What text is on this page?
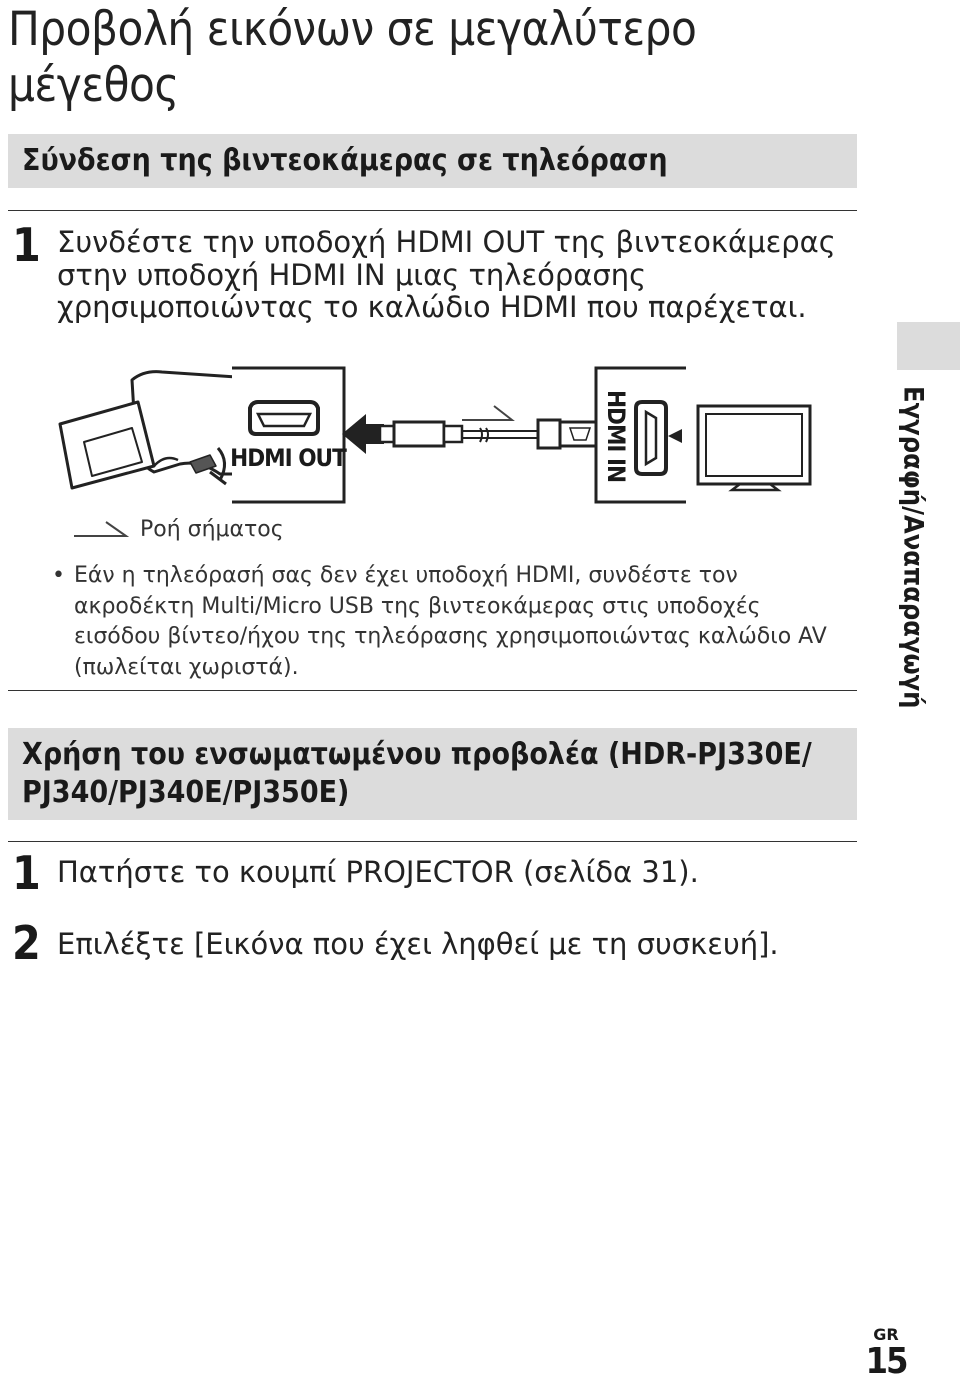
Προβολή εικόνων σε μεγαλύτερο μέγεθος
Σύνδεση της βιντεοκάμερας σε τηλεόραση
1 Συνδέστε την υποδοχή HDMI OUT της βιντεοκάμερας στην υποδοχή HDMI IN μιας τηλεόρασης χρησιμοποιώντας το καλώδιο HDMI που παρέχεται.

HDMI OUT	HDMI IN
Ροή σήματος

• Εάν η τηλεόρασή σας δεν έχει υποδοχή HDMI, συνδέστε τον ακροδέκτη Multi/Micro USB της βιντεοκάμερας στις υποδοχές εισόδου βίντεο/ήχου της τηλεόρασης χρησιμοποιώντας καλώδιο AV (πωλείται χωριστά).

Χρήση του ενσωματωμένου προβολέα (HDR-PJ330E/ PJ340/PJ340E/PJ350E)
1 Πατήστε το κουμπί PROJECTOR (σελίδα 31).

2 Επιλέξτε [Εικόνα που έχει ληφθεί με τη συσκευή].

Εγγραφή/Αναπαραγωγή

GR

15
